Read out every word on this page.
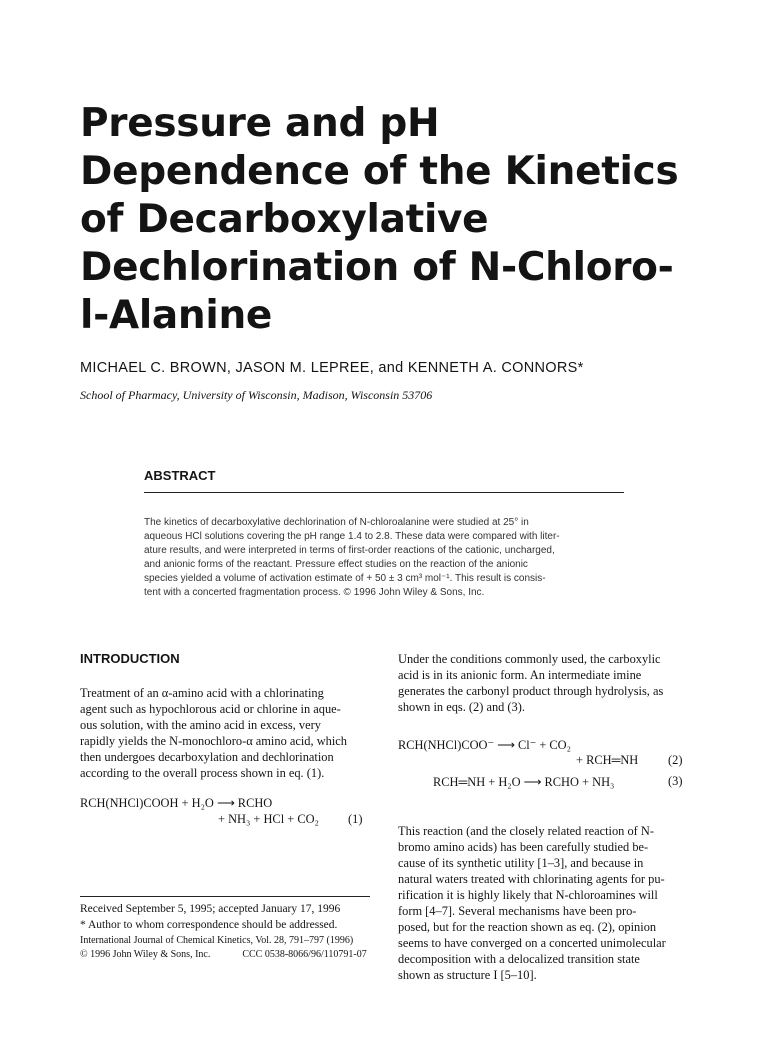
Pressure and pH
Dependence of the Kinetics
of Decarboxylative
Dechlorination of N-Chloro-
l-Alanine
MICHAEL C. BROWN, JASON M. LEPREE, and KENNETH A. CONNORS*
School of Pharmacy, University of Wisconsin, Madison, Wisconsin 53706
ABSTRACT
The kinetics of decarboxylative dechlorination of N-chloroalanine were studied at 25° in
aqueous HCl solutions covering the pH range 1.4 to 2.8. These data were compared with liter-
ature results, and were interpreted in terms of first-order reactions of the cationic, uncharged,
and anionic forms of the reactant. Pressure effect studies on the reaction of the anionic
species yielded a volume of activation estimate of + 50 ± 3 cm³ mol⁻¹. This result is consis-
tent with a concerted fragmentation process. © 1996 John Wiley & Sons, Inc.
INTRODUCTION
Treatment of an α-amino acid with a chlorinating
agent such as hypochlorous acid or chlorine in aque-
ous solution, with the amino acid in excess, very
rapidly yields the N-monochloro-α amino acid, which
then undergoes decarboxylation and dechlorination
according to the overall process shown in eq. (1).
RCH(NHCl)COOH + H₂O ⟶ RCHO
+ NH₃ + HCl + CO₂ (1)
Under the conditions commonly used, the carboxylic
acid is in its anionic form. An intermediate imine
generates the carbonyl product through hydrolysis, as
shown in eqs. (2) and (3).
RCH(NHCl)COO⁻ ⟶ Cl⁻ + CO₂
+ RCH═NH (2)
RCH═NH + H₂O ⟶ RCHO + NH₃	(3)
This reaction (and the closely related reaction of N-
bromo amino acids) has been carefully studied be-
cause of its synthetic utility [1–3], and because in
natural waters treated with chlorinating agents for pu-
rification it is highly likely that N-chloroamines will
form [4–7]. Several mechanisms have been pro-
posed, but for the reaction shown as eq. (2), opinion
seems to have converged on a concerted unimolecular
decomposition with a delocalized transition state
shown as structure I [5–10].
Received September 5, 1995; accepted January 17, 1996
* Author to whom correspondence should be addressed.
International Journal of Chemical Kinetics, Vol. 28, 791–797 (1996)
© 1996 John Wiley & Sons, Inc.	CCC 0538-8066/96/110791-07
